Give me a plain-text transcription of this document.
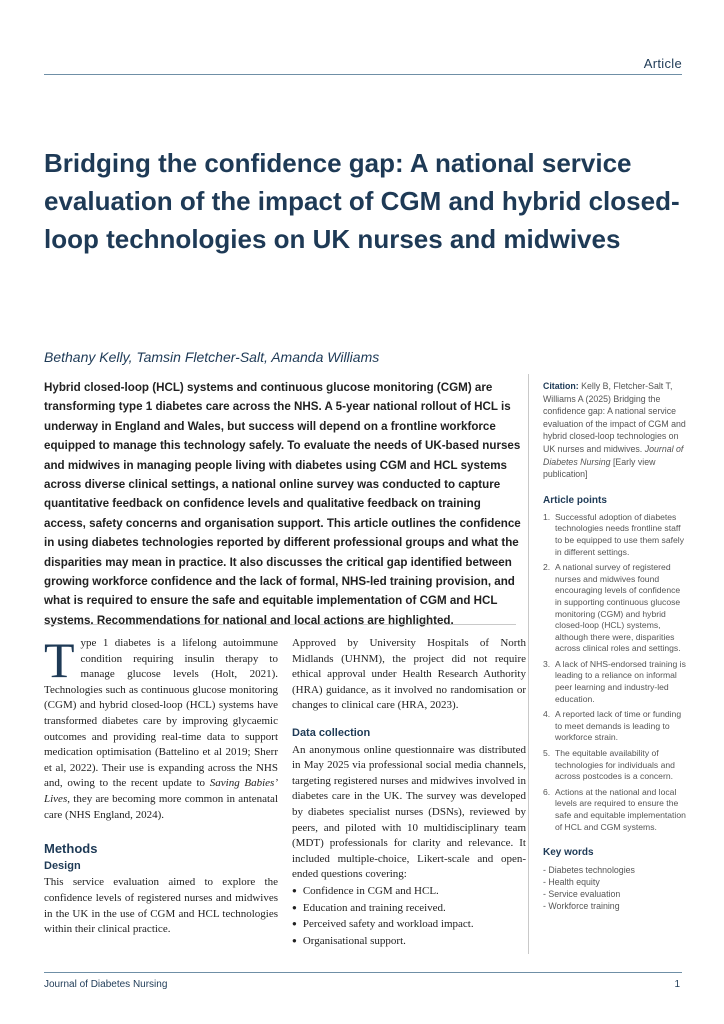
Article
Bridging the confidence gap: A national service evaluation of the impact of CGM and hybrid closed-loop technologies on UK nurses and midwives
Bethany Kelly, Tamsin Fletcher-Salt, Amanda Williams

Hybrid closed-loop (HCL) systems and continuous glucose monitoring (CGM) are transforming type 1 diabetes care across the NHS. A 5-year national rollout of HCL is underway in England and Wales, but success will depend on a frontline workforce equipped to manage this technology safely. To evaluate the needs of UK-based nurses and midwives in managing people living with diabetes using CGM and HCL systems across diverse clinical settings, a national online survey was conducted to capture quantitative feedback on confidence levels and qualitative feedback on training access, safety concerns and organisation support. This article outlines the confidence in using diabetes technologies reported by different professional groups and what the disparities may mean in practice. It also discusses the critical gap identified between growing workforce confidence and the lack of formal, NHS-led training provision, and what is required to ensure the safe and equitable implementation of CGM and HCL systems. Recommendations for national and local actions are highlighted.

Citation: Kelly B, Fletcher-Salt T, Williams A (2025) Bridging the confidence gap: A national service evaluation of the impact of CGM and hybrid closed-loop technologies on UK nurses and midwives. Journal of Diabetes Nursing [Early view publication]

Article points
1. Successful adoption of diabetes technologies needs frontline staff to be equipped to use them safely in different settings.
2. A national survey of registered nurses and midwives found encouraging levels of confidence in supporting continuous glucose monitoring (CGM) and hybrid closed-loop (HCL) systems, although there were, disparities across clinical roles and settings.
3. A lack of NHS-endorsed training is leading to a reliance on informal peer learning and industry-led education.
4. A reported lack of time or funding to meet demands is leading to workforce strain.
5. The equitable availability of technologies for individuals and across postcodes is a concern.
6. Actions at the national and local levels are required to ensure the safe and equitable implementation of HCL and CGM systems.
Key words
- Diabetes technologies
- Health equity
- Service evaluation
- Workforce training

Type 1 diabetes is a lifelong autoimmune condition requiring insulin therapy to manage glucose levels (Holt, 2021). Technologies such as continuous glucose monitoring (CGM) and hybrid closed-loop (HCL) systems have transformed diabetes care by improving glycaemic outcomes and providing real-time data to support medication optimisation (Battelino et al 2019; Sherr et al, 2022). Their use is expanding across the NHS and, owing to the recent update to Saving Babies’ Lives, they are becoming more common in antenatal care (NHS England, 2024).

Methods
Design

This service evaluation aimed to explore the confidence levels of registered nurses and midwives in the UK in the use of CGM and HCL technologies within their clinical practice.

Approved by University Hospitals of North Midlands (UHNM), the project did not require ethical approval under Health Research Authority (HRA) guidance, as it involved no randomisation or changes to clinical care (HRA, 2023).

Data collection

An anonymous online questionnaire was distributed in May 2025 via professional social media channels, targeting registered nurses and midwives involved in diabetes care in the UK. The survey was developed by diabetes specialist nurses (DSNs), reviewed by peers, and piloted with 10 multidisciplinary team (MDT) professionals for clarity and relevance. It included multiple-choice, Likert-scale and open-ended questions covering:

● Confidence in CGM and HCL.
● Education and training received.
● Perceived safety and workload impact.
● Organisational support.
Journal of Diabetes Nursing	1
